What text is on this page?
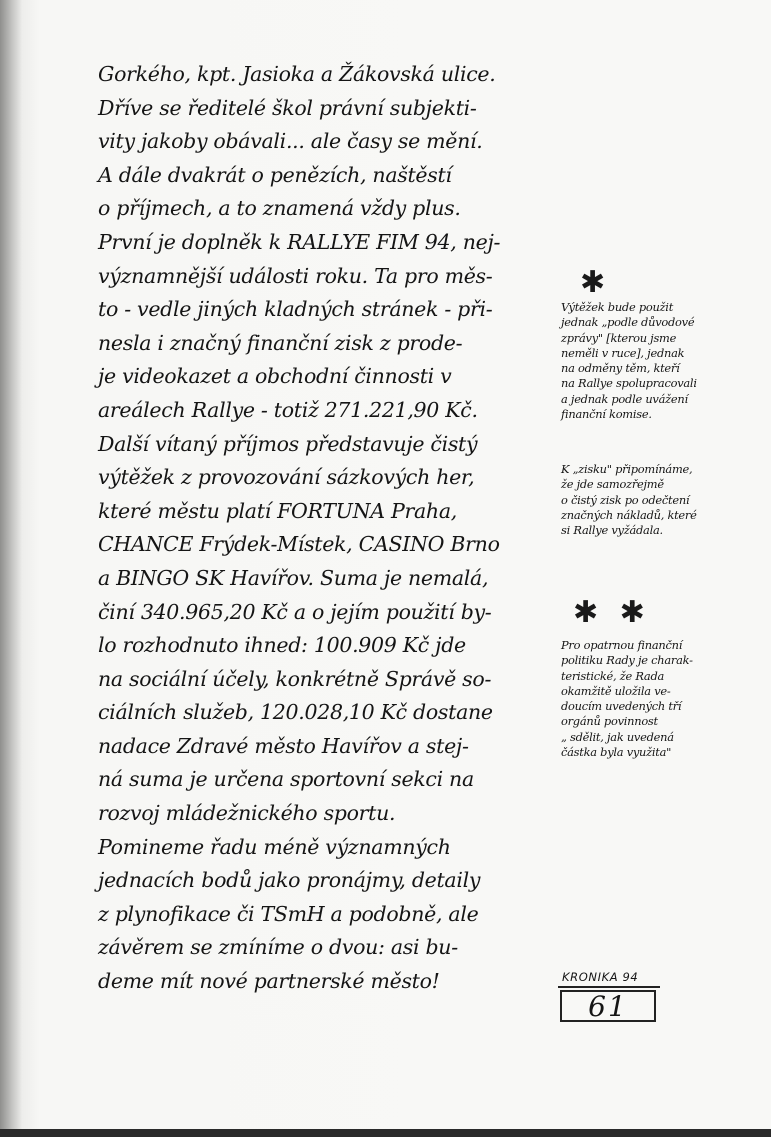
Gorkého, kpt. Jasioka a Žákovská ulice.
Dříve se ředitelé škol právní subjekti-
vity jakoby obávali... ale časy se mění.
A dále dvakrát o penězích, naštěstí
o příjmech, a to znamená vždy plus.
První je doplněk k RALLYE FIM 94, nej-
významnější události roku. Ta pro měs-
to - vedle jiných kladných stránek - při-
nesla i značný finanční zisk z prode-
je videokazet a obchodní činnosti v
areálech Rallye - totiž 271.221,90 Kč.
Další vítaný příjmos představuje čistý
výtěžek z provozování sázkových her,
které městu platí FORTUNA Praha,
CHANCE Frýdek-Místek, CASINO Brno
a BINGO SK Havířov. Suma je nemalá,
činí 340.965,20 Kč a o jejím použití by-
lo rozhodnuto ihned: 100.909 Kč jde
na sociální účely, konkrétně Správě so-
ciálních služeb, 120.028,10 Kč dostane
nadace Zdravé město Havířov a stej-
ná suma je určena sportovní sekci na
rozvoj mládežnického sportu.
Pomineme řadu méně významných
jednacích bodů jako pronájmy, detaily
z plynofikace či TSmH a podobně, ale
závěrem se zmíníme o dvou: asi bu-
deme mít nové partnerské město!
✱
Výtěžek bude použit
jednak „podle důvodové
zprávy" [kterou jsme
neměli v ruce], jednak
na odměny těm, kteří
na Rallye spolupracovali
a jednak podle uvážení
finanční komise.
K „zisku" připomínáme,
že jde samozřejmě
o čistý zisk po odečtení
značných nákladů, které
si Rallye vyžádala.
✱ ✱
Pro opatrnou finanční
politiku Rady je charak-
teristické, že Rada
okamžitě uložila ve-
doucím uvedených tří
orgánů povinnost
„ sdělit, jak uvedená
částka byla využita"
KRONIKA 94
61
